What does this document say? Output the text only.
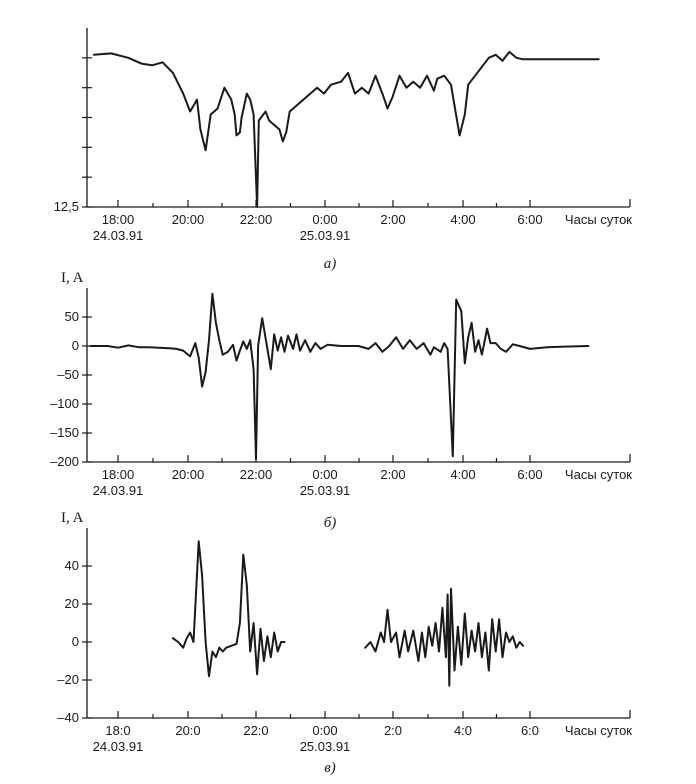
12,5
18:00	20:00	22:00	0:00	2:00	4:00	6:00
24.03.91	25.03.91
Часы суток
а)
50
0
–50
–100
–150
–200
18:00	20:00	22:00	0:00	2:00	4:00	6:00
24.03.91	25.03.91
Часы суток
I, A
б)
40
20
0
–20
–40
18:0	20:0	22:0	0:00	2:0	4:0	6:0
24.03.91	25.03.91
Часы суток
I, A
в)
